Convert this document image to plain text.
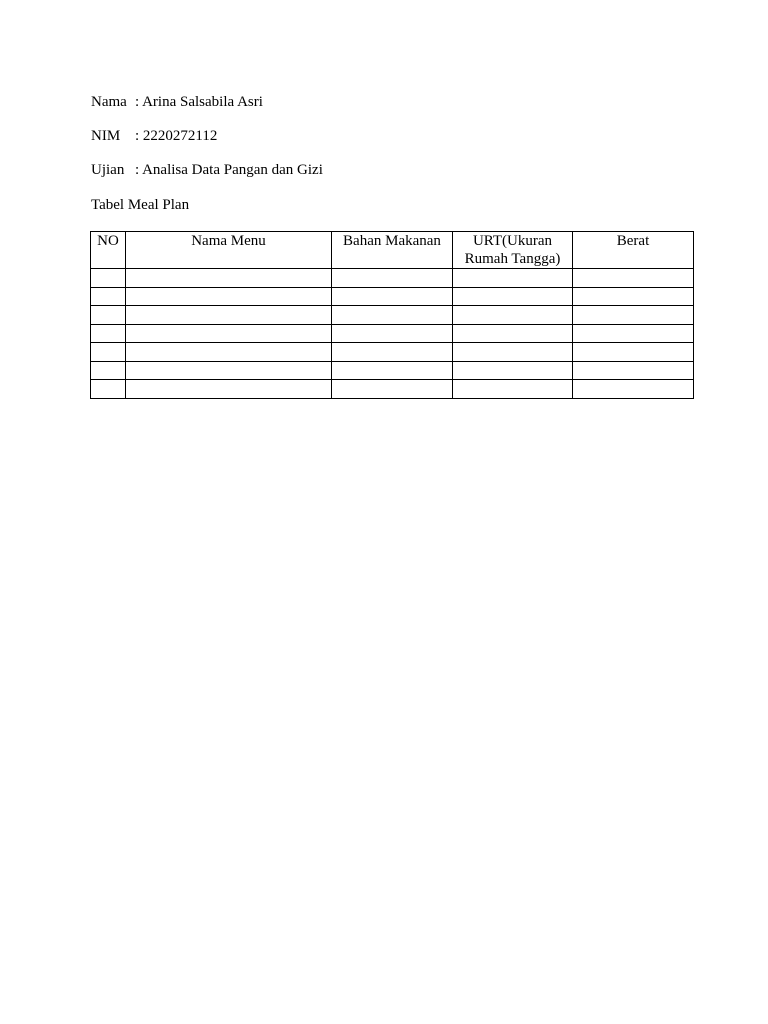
Nama : Arina Salsabila Asri
NIM : 2220272112
Ujian : Analisa Data Pangan dan Gizi
Tabel Meal Plan
NO	Nama Menu	Bahan Makanan	URT(Ukuran Rumah Tangga)	Berat
